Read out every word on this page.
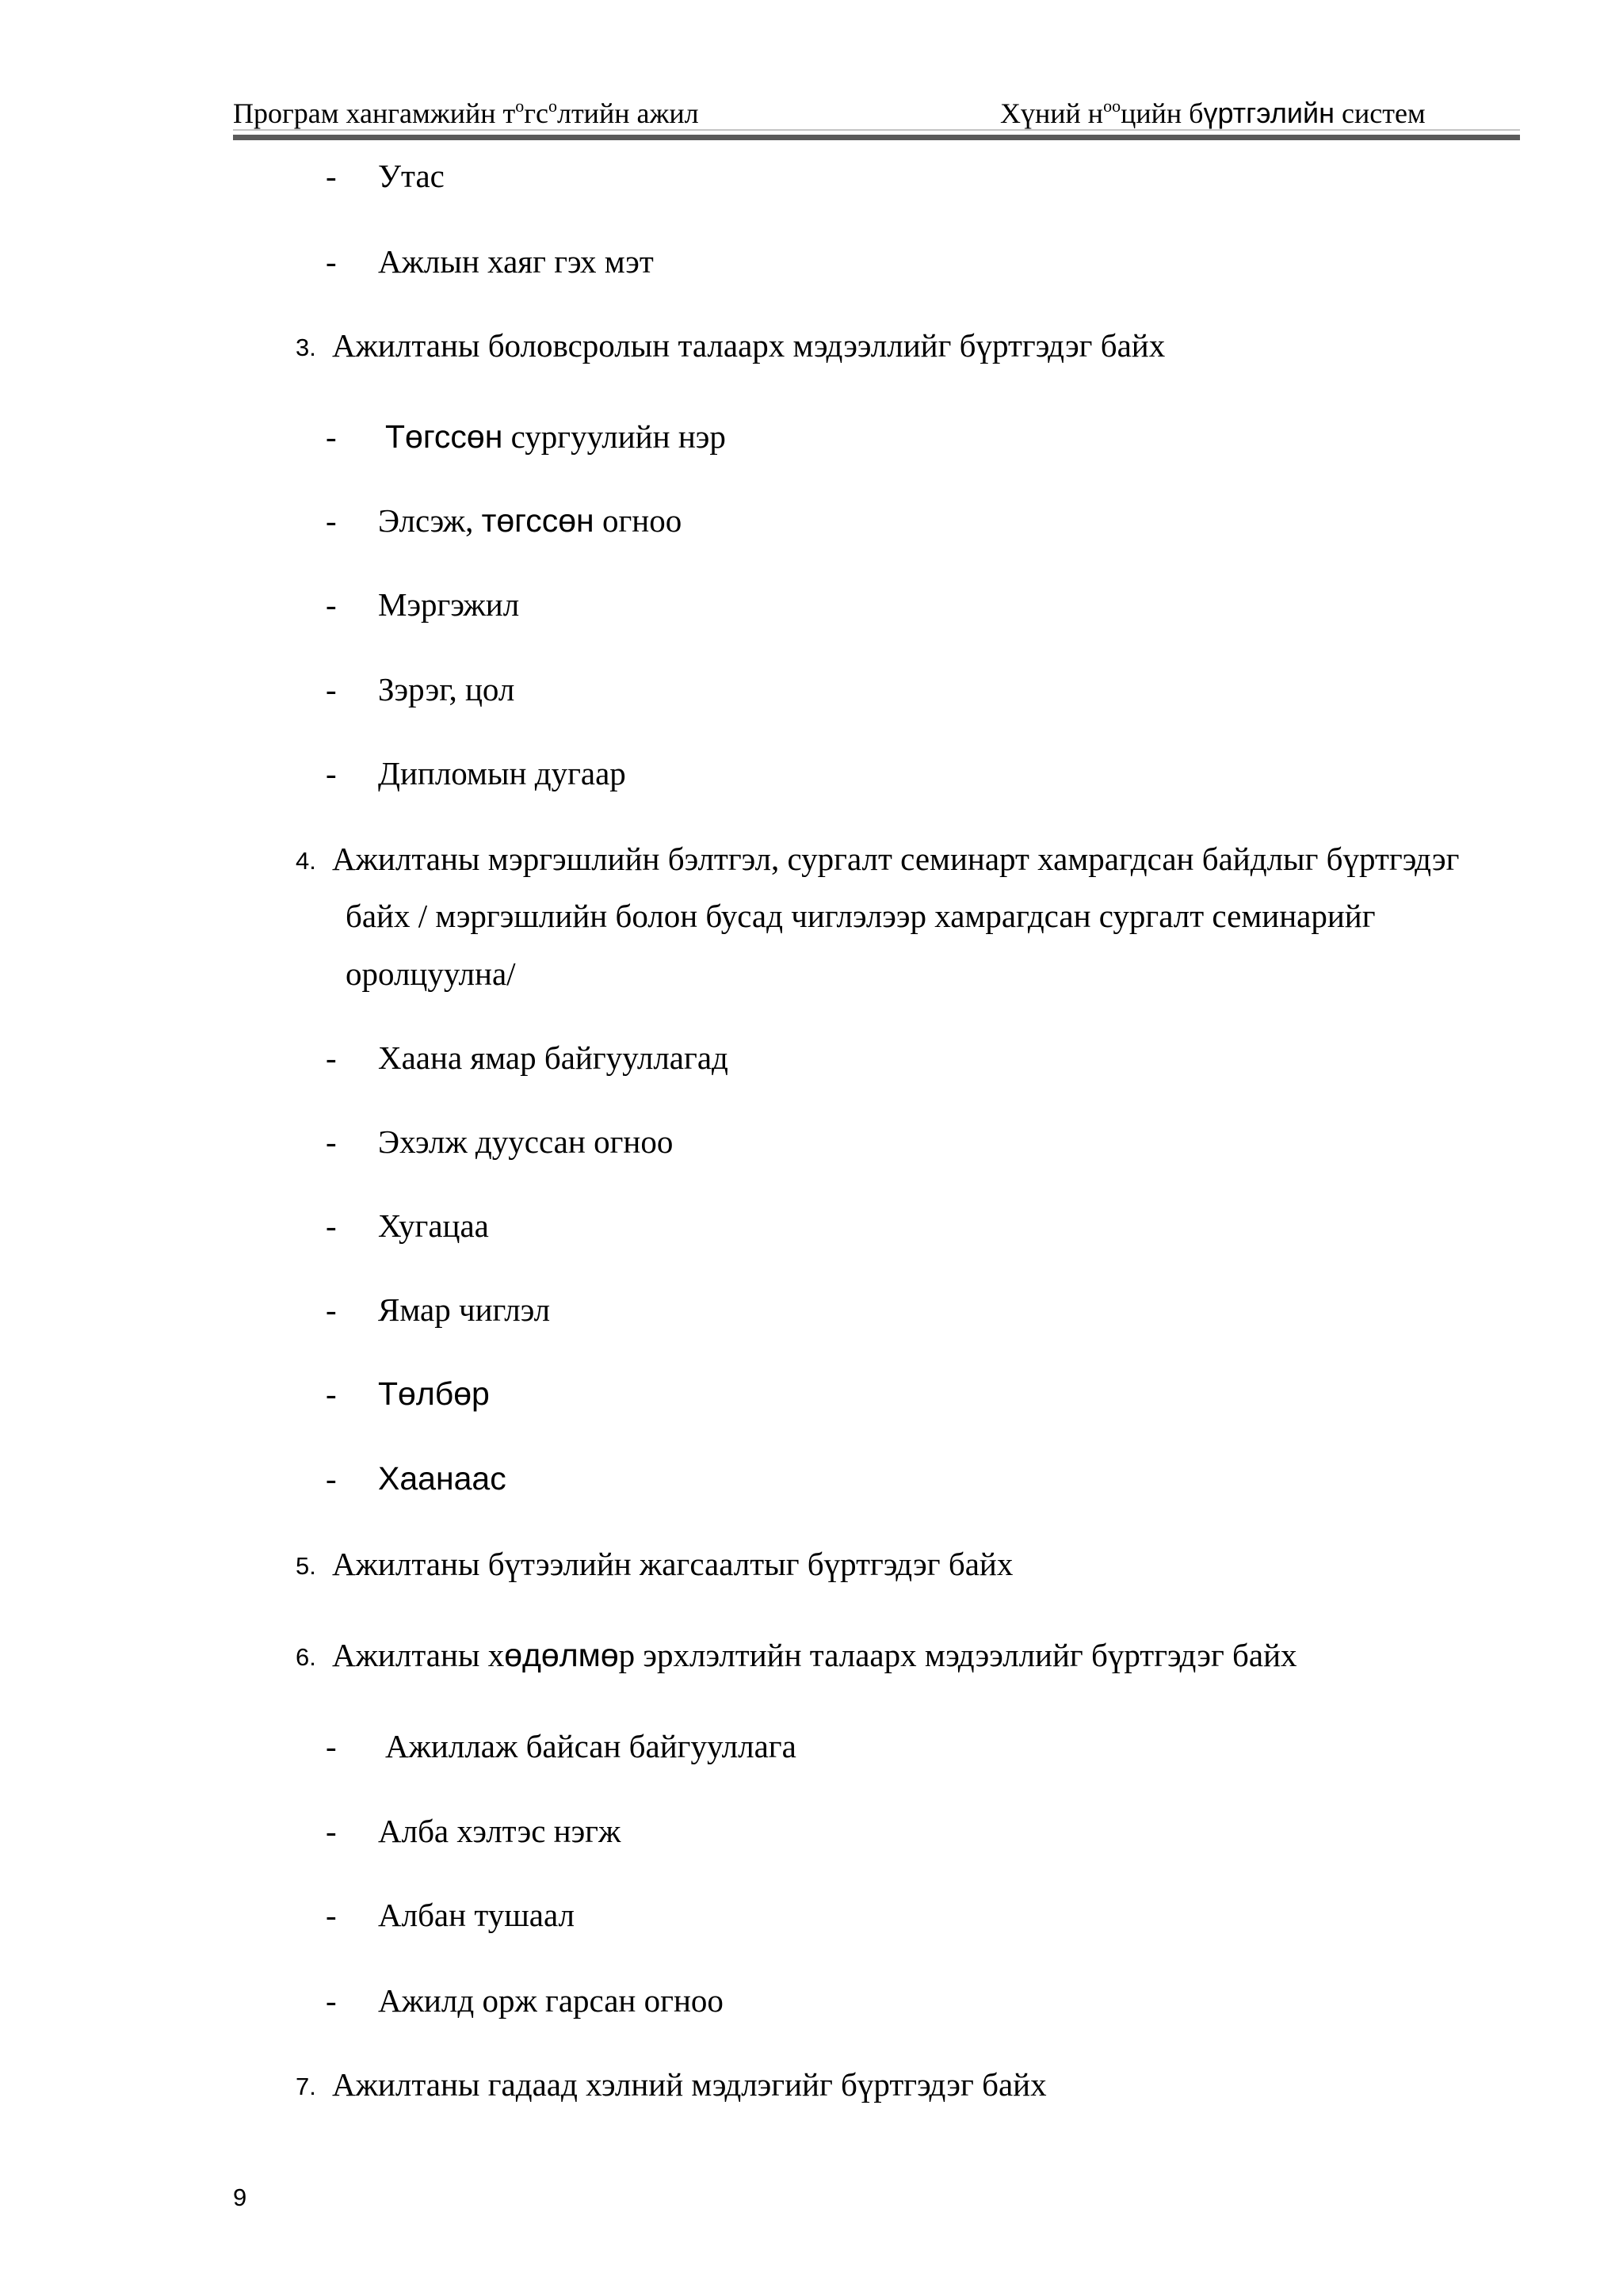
Програм хангамжийн $т^огс^олтийн$ ажил	Хүний $н^{оо}цийн$ бүртгэлийн систем
- Утас
- Ажлын хаяг гэх мэт
3. Ажилтаны боловсролын талаарх мэдээллийг бүртгэдэг байх
- Төгссөн сургуулийн нэр
- Элсэж, төгссөн огноо
- Мэргэжил
- Зэрэг, цол
- Дипломын дугаар
4. Ажилтаны мэргэшлийн бэлтгэл, сургалт семинарт хамрагдсан байдлыг бүртгэдэг
байх / мэргэшлийн болон бусад чиглэлээр хамрагдсан сургалт семинарийг
оролцуулна/
- Хаана ямар байгууллагад
- Эхэлж дууссан огноо
- Хугацаа
- Ямар чиглэл
- Төлбөр
- Хаанаас
5. Ажилтаны бүтээлийн жагсаалтыг бүртгэдэг байх
6. Ажилтаны хөдөлмөр эрхлэлтийн талаарх мэдээллийг бүртгэдэг байх
- Ажиллаж байсан байгууллага
- Алба хэлтэс нэгж
- Албан тушаал
- Ажилд орж гарсан огноо
7. Ажилтаны гадаад хэлний мэдлэгийг бүртгэдэг байх
9
